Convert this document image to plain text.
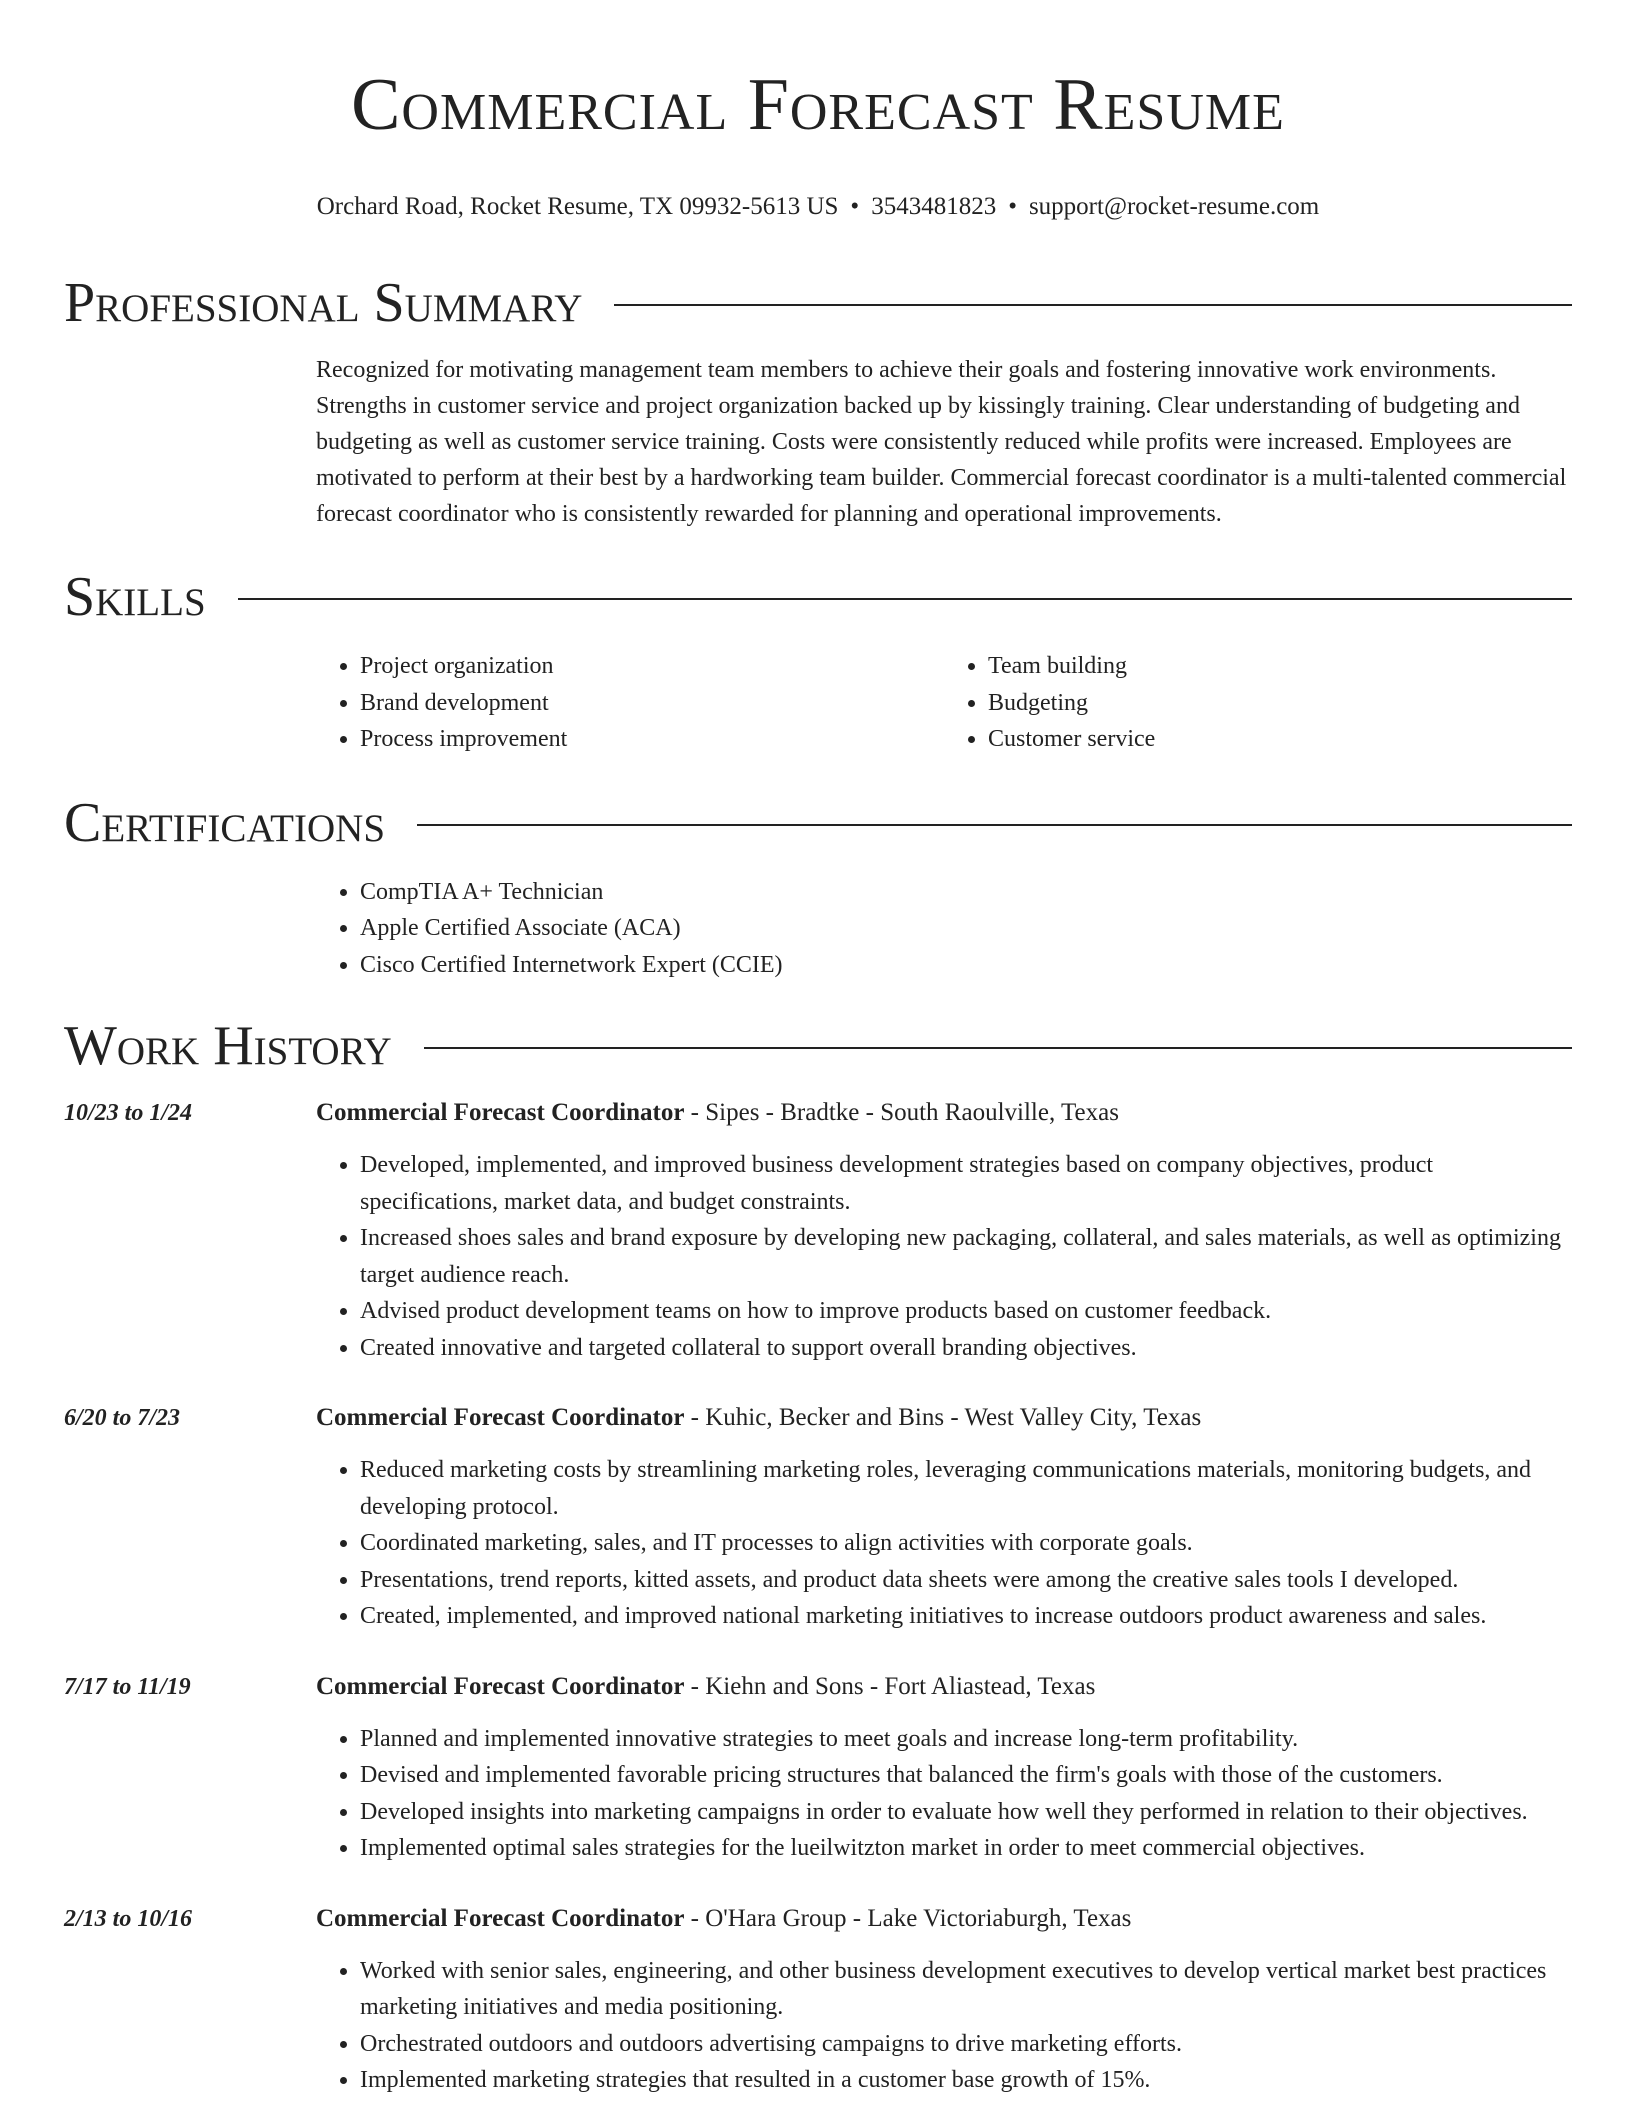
Commercial Forecast Resume
Orchard Road, Rocket Resume, TX 09932-5613 US • 3543481823 • support@rocket-resume.com
Professional Summary

Recognized for motivating management team members to achieve their goals and fostering innovative work environments. Strengths in customer service and project organization backed up by kissingly training. Clear understanding of budgeting and budgeting as well as customer service training. Costs were consistently reduced while profits were increased. Employees are motivated to perform at their best by a hardworking team builder. Commercial forecast coordinator is a multi-talented commercial forecast coordinator who is consistently rewarded for planning and operational improvements.

Skills
• Project organization
• Brand development
• Process improvement
• Team building
• Budgeting
• Customer service
Certifications
• CompTIA A+ Technician
• Apple Certified Associate (ACA)
• Cisco Certified Internetwork Expert (CCIE)
Work History
10/23 to 1/24	Commercial Forecast Coordinator - Sipes - Bradtke - South Raoulville, Texas
• Developed, implemented, and improved business development strategies based on company objectives, product specifications, market data, and budget constraints.
• Increased shoes sales and brand exposure by developing new packaging, collateral, and sales materials, as well as optimizing target audience reach.
• Advised product development teams on how to improve products based on customer feedback.
• Created innovative and targeted collateral to support overall branding objectives.
6/20 to 7/23	Commercial Forecast Coordinator - Kuhic, Becker and Bins - West Valley City, Texas
• Reduced marketing costs by streamlining marketing roles, leveraging communications materials, monitoring budgets, and developing protocol.
• Coordinated marketing, sales, and IT processes to align activities with corporate goals.
• Presentations, trend reports, kitted assets, and product data sheets were among the creative sales tools I developed.
• Created, implemented, and improved national marketing initiatives to increase outdoors product awareness and sales.
7/17 to 11/19	Commercial Forecast Coordinator - Kiehn and Sons - Fort Aliastead, Texas
• Planned and implemented innovative strategies to meet goals and increase long-term profitability.
• Devised and implemented favorable pricing structures that balanced the firm's goals with those of the customers.
• Developed insights into marketing campaigns in order to evaluate how well they performed in relation to their objectives.
• Implemented optimal sales strategies for the lueilwitzton market in order to meet commercial objectives.
2/13 to 10/16	Commercial Forecast Coordinator - O'Hara Group - Lake Victoriaburgh, Texas
• Worked with senior sales, engineering, and other business development executives to develop vertical market best practices marketing initiatives and media positioning.
• Orchestrated outdoors and outdoors advertising campaigns to drive marketing efforts.
• Implemented marketing strategies that resulted in a customer base growth of 15%.
